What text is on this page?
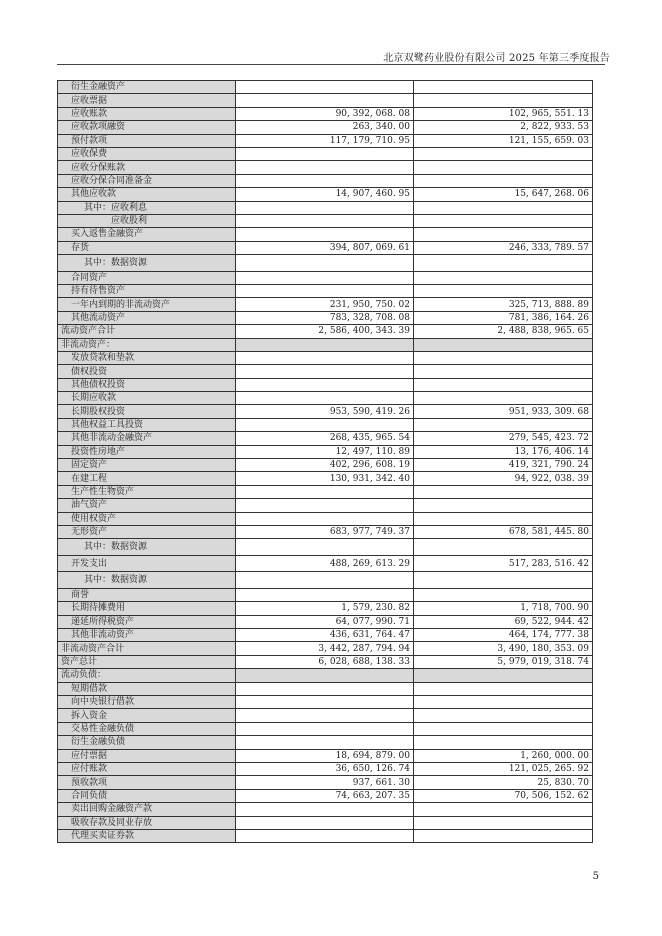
北京双鹭药业股份有限公司 2025 年第三季度报告
衍生金融资产		
应收票据		
应收账款	90, 392, 068. 08	102, 965, 551. 13
应收款项融资	263, 340. 00	2, 822, 933. 53
预付款项	117, 179, 710. 95	121, 155, 659. 03
应收保费		
应收分保账款		
应收分保合同准备金		
其他应收款	14, 907, 460. 95	15, 647, 268. 06
其中：应收利息		
应收股利		
买入返售金融资产		
存货	394, 807, 069. 61	246, 333, 789. 57
其中：数据资源		
合同资产		
持有待售资产		
一年内到期的非流动资产	231, 950, 750. 02	325, 713, 888. 89
其他流动资产	783, 328, 708. 08	781, 386, 164. 26
流动资产合计	2, 586, 400, 343. 39	2, 488, 838, 965. 65
非流动资产：		
发放贷款和垫款		
债权投资		
其他债权投资		
长期应收款		
长期股权投资	953, 590, 419. 26	951, 933, 309. 68
其他权益工具投资		
其他非流动金融资产	268, 435, 965. 54	279, 545, 423. 72
投资性房地产	12, 497, 110. 89	13, 176, 406. 14
固定资产	402, 296, 608. 19	419, 321, 790. 24
在建工程	130, 931, 342. 40	94, 922, 038. 39
生产性生物资产		
油气资产		
使用权资产		
无形资产	683, 977, 749. 37	678, 581, 445. 80
其中：数据资源		
开发支出	488, 269, 613. 29	517, 283, 516. 42
其中：数据资源		
商誉		
长期待摊费用	1, 579, 230. 82	1, 718, 700. 90
递延所得税资产	64, 077, 990. 71	69, 522, 944. 42
其他非流动资产	436, 631, 764. 47	464, 174, 777. 38
非流动资产合计	3, 442, 287, 794. 94	3, 490, 180, 353. 09
资产总计	6, 028, 688, 138. 33	5, 979, 019, 318. 74
流动负债：		
短期借款		
向中央银行借款		
拆入资金		
交易性金融负债		
衍生金融负债		
应付票据	18, 694, 879. 00	1, 260, 000. 00
应付账款	36, 650, 126. 74	121, 025, 265. 92
预收款项	937, 661. 30	25, 830. 70
合同负债	74, 663, 207. 35	70, 506, 152. 62
卖出回购金融资产款		
吸收存款及同业存放		
代理买卖证券款		
5
